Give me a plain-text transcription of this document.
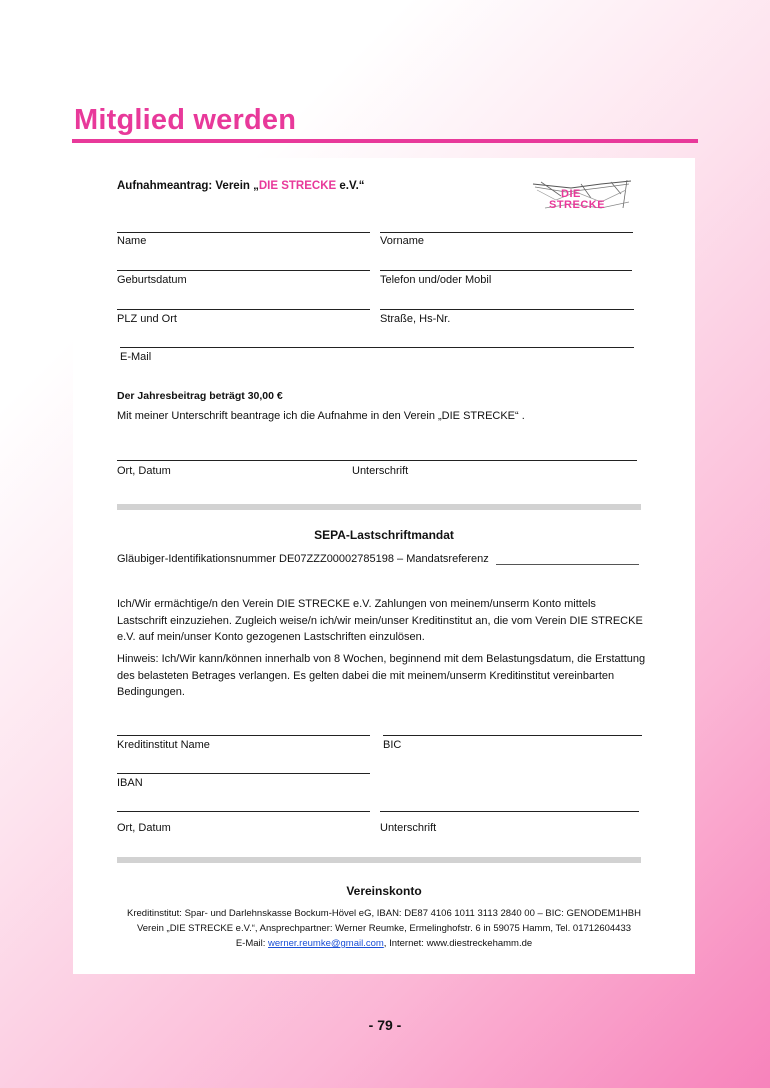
Mitglied werden
Aufnahmeantrag: Verein „DIE STRECKE e.V.“
DIE
STRECKE
Name	Vorname
Geburtsdatum	Telefon und/oder Mobil
PLZ und Ort	Straße, Hs-Nr.
E-Mail
Der Jahresbeitrag beträgt 30,00 €
Mit meiner Unterschrift beantrage ich die Aufnahme in den Verein „DIE STRECKE“ .
Ort, Datum	Unterschrift
SEPA-Lastschriftmandat
Gläubiger-Identifikationsnummer DE07ZZZ00002785198 – Mandatsreferenz
Ich/Wir ermächtige/n den Verein DIE STRECKE e.V. Zahlungen von meinem/unserm Konto mittels Lastschrift einzuziehen. Zugleich weise/n ich/wir mein/unser Kreditinstitut an, die vom Verein DIE STRECKE e.V. auf mein/unser Konto gezogenen Lastschriften einzulösen.
Hinweis: Ich/Wir kann/können innerhalb von 8 Wochen, beginnend mit dem Belastungsdatum, die Erstattung des belasteten Betrages verlangen. Es gelten dabei die mit meinem/unserm Kreditinstitut vereinbarten Bedingungen.
Kreditinstitut Name	BIC
IBAN
Ort, Datum	Unterschrift
Vereinskonto
Kreditinstitut: Spar- und Darlehnskasse Bockum-Hövel eG, IBAN: DE87 4106 1011 3113 2840 00 – BIC: GENODEM1HBH
Verein „DIE STRECKE e.V.“, Ansprechpartner: Werner Reumke, Ermelinghofstr. 6 in 59075 Hamm, Tel. 01712604433
E-Mail: werner.reumke@gmail.com, Internet: www.diestreckehamm.de
- 79 -
